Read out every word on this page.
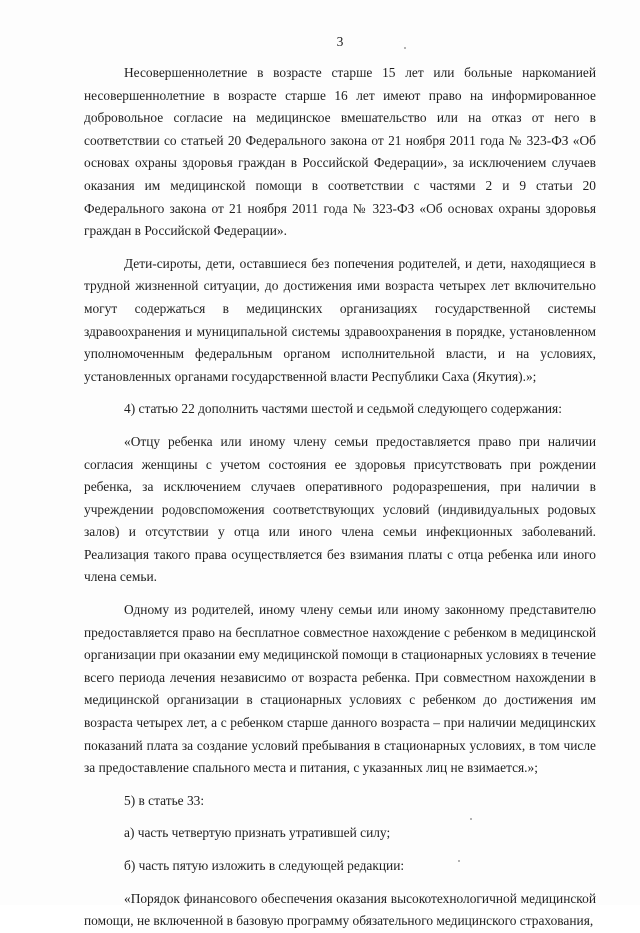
3

Несовершеннолетние в возрасте старше 15 лет или больные наркоманией несовершеннолетние в возрасте старше 16 лет имеют право на информированное добровольное согласие на медицинское вмешательство или на отказ от него в соответствии со статьей 20 Федерального закона от 21 ноября 2011 года № 323-ФЗ «Об основах охраны здоровья граждан в Российской Федерации», за исключением случаев оказания им медицинской помощи в соответствии с частями 2 и 9 статьи 20 Федерального закона от 21 ноября 2011 года № 323-ФЗ «Об основах охраны здоровья граждан в Российской Федерации».

Дети-сироты, дети, оставшиеся без попечения родителей, и дети, находящиеся в трудной жизненной ситуации, до достижения ими возраста четырех лет включительно могут содержаться в медицинских организациях государственной системы здравоохранения и муниципальной системы здравоохранения в порядке, установленном уполномоченным федеральным органом исполнительной власти, и на условиях, установленных органами государственной власти Республики Саха (Якутия).»;

4) статью 22 дополнить частями шестой и седьмой следующего содержания:

«Отцу ребенка или иному члену семьи предоставляется право при наличии согласия женщины с учетом состояния ее здоровья присутствовать при рождении ребенка, за исключением случаев оперативного родоразрешения, при наличии в учреждении родовспоможения соответствующих условий (индивидуальных родовых залов) и отсутствии у отца или иного члена семьи инфекционных заболеваний. Реализация такого права осуществляется без взимания платы с отца ребенка или иного члена семьи.

Одному из родителей, иному члену семьи или иному законному представителю предоставляется право на бесплатное совместное нахождение с ребенком в медицинской организации при оказании ему медицинской помощи в стационарных условиях в течение всего периода лечения независимо от возраста ребенка. При совместном нахождении в медицинской организации в стационарных условиях с ребенком до достижения им возраста четырех лет, а с ребенком старше данного возраста – при наличии медицинских показаний плата за создание условий пребывания в стационарных условиях, в том числе за предоставление спального места и питания, с указанных лиц не взимается.»;

5) в статье 33:

а) часть четвертую признать утратившей силу;

б) часть пятую изложить в следующей редакции:

«Порядок финансового обеспечения оказания высокотехнологичной медицинской помощи, не включенной в базовую программу обязательного медицинского страхования,
